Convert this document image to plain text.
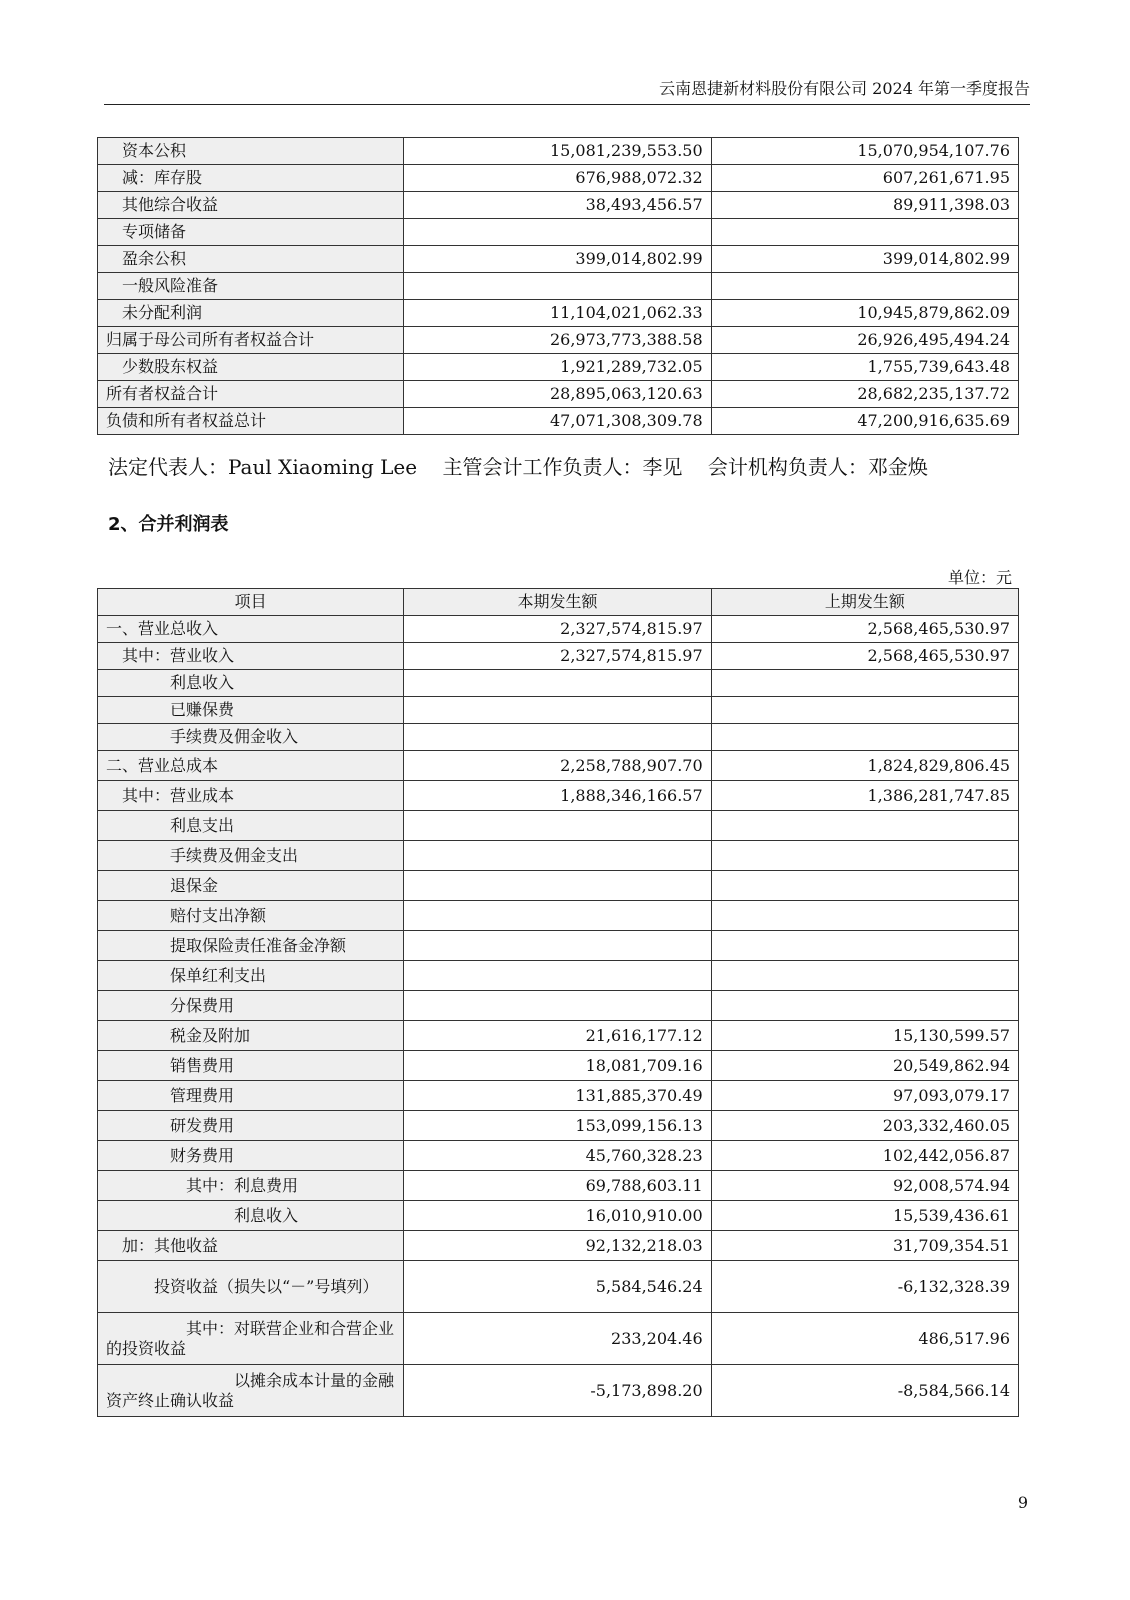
云南恩捷新材料股份有限公司 2024 年第一季度报告
资本公积	15,081,239,553.50	15,070,954,107.76
减：库存股	676,988,072.32	607,261,671.95
其他综合收益	38,493,456.57	89,911,398.03
专项储备		
盈余公积	399,014,802.99	399,014,802.99
一般风险准备		
未分配利润	11,104,021,062.33	10,945,879,862.09
归属于母公司所有者权益合计	26,973,773,388.58	26,926,495,494.24
少数股东权益	1,921,289,732.05	1,755,739,643.48
所有者权益合计	28,895,063,120.63	28,682,235,137.72
负债和所有者权益总计	47,071,308,309.78	47,200,916,635.69
法定代表人：Paul Xiaoming Lee    主管会计工作负责人：李见    会计机构负责人：邓金焕
2、合并利润表
单位：元
项目	本期发生额	上期发生额
一、营业总收入	2,327,574,815.97	2,568,465,530.97
其中：营业收入	2,327,574,815.97	2,568,465,530.97
利息收入		
已赚保费		
手续费及佣金收入		
二、营业总成本	2,258,788,907.70	1,824,829,806.45
其中：营业成本	1,888,346,166.57	1,386,281,747.85
利息支出		
手续费及佣金支出		
退保金		
赔付支出净额		
提取保险责任准备金净额		
保单红利支出		
分保费用		
税金及附加	21,616,177.12	15,130,599.57
销售费用	18,081,709.16	20,549,862.94
管理费用	131,885,370.49	97,093,079.17
研发费用	153,099,156.13	203,332,460.05
财务费用	45,760,328.23	102,442,056.87
其中：利息费用	69,788,603.11	92,008,574.94
利息收入	16,010,910.00	15,539,436.61
加：其他收益	92,132,218.03	31,709,354.51
投资收益（损失以“－”号填列）	5,584,546.24	-6,132,328.39
其中：对联营企业和合营企业的投资收益	233,204.46	486,517.96
以摊余成本计量的金融资产终止确认收益	-5,173,898.20	-8,584,566.14
9
